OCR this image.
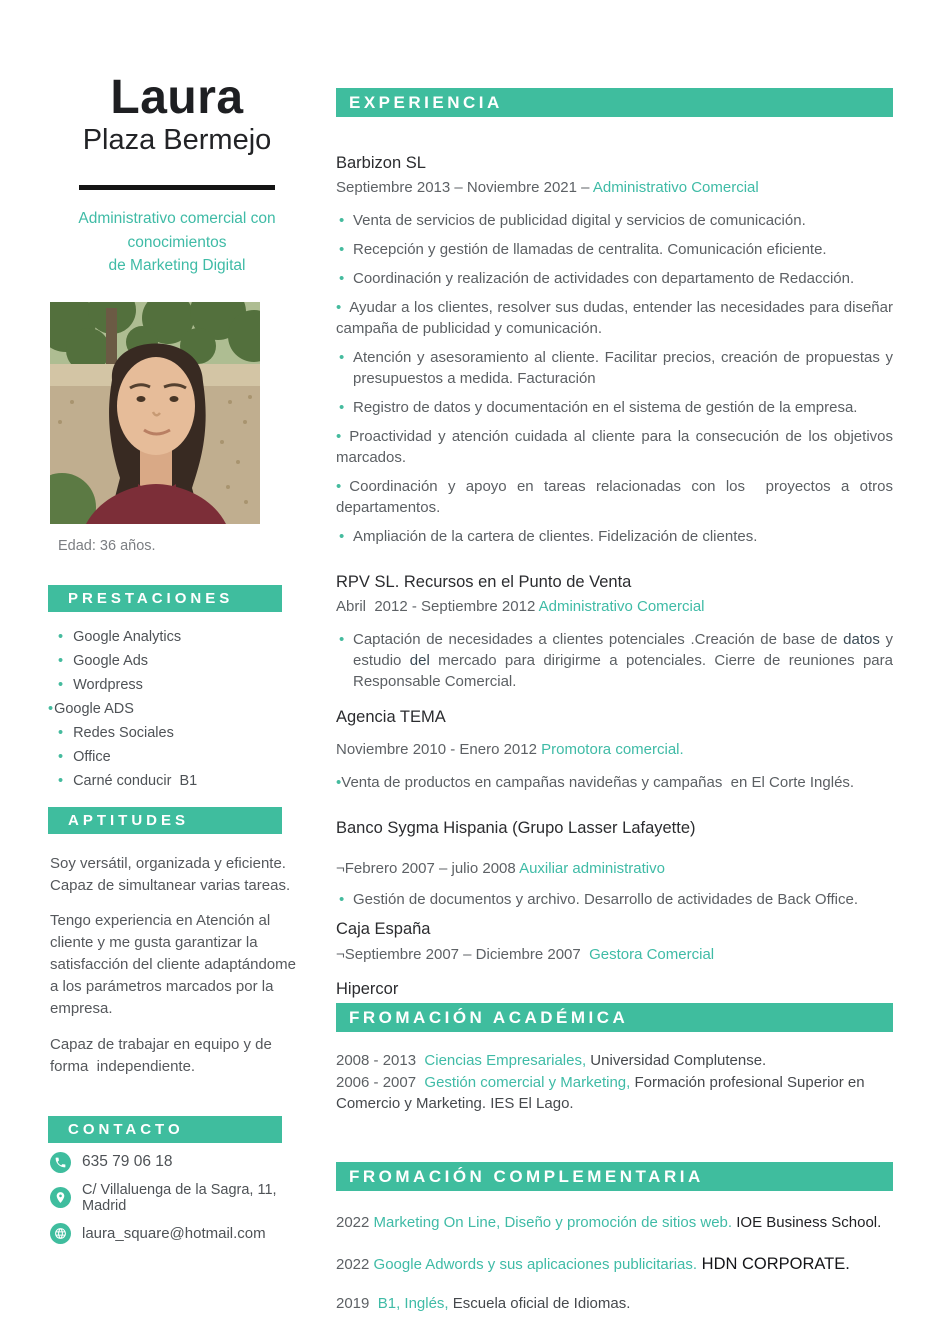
Laura
Plaza Bermejo
Administrativo comercial con
conocimientos
de Marketing Digital
Edad: 36 años.
PRESTACIONES
• Google Analytics
• Google Ads
• Wordpress
•Google ADS
• Redes Sociales
• Office
• Carné conducir  B1
APTITUDES

Soy versátil, organizada y eficiente. Capaz de simultanear varias tareas.

Tengo experiencia en Atención al cliente y me gusta garantizar la satisfacción del cliente adaptándome a los parámetros marcados por la empresa.

Capaz de trabajar en equipo y de forma  independiente.

CONTACTO
635 79 06 18
C/ Villaluenga de la Sagra, 11, Madrid
laura_square@hotmail.com
EXPERIENCIA
Barbizon SL

Septiembre 2013 – Noviembre 2021 – Administrativo Comercial

• Venta de servicios de publicidad digital y servicios de comunicación.
• Recepción y gestión de llamadas de centralita. Comunicación eficiente.
• Coordinación y realización de actividades con departamento de Redacción.
• Ayudar a los clientes, resolver sus dudas, entender las necesidades para diseñar campaña de publicidad y comunicación.
• Atención y asesoramiento al cliente. Facilitar precios, creación de propuestas y presupuestos a medida. Facturación
• Registro de datos y documentación en el sistema de gestión de la empresa.
• Proactividad y atención cuidada al cliente para la consecución de los objetivos marcados.
• Coordinación y apoyo en tareas relacionadas con los  proyectos a otros departamentos.
• Ampliación de la cartera de clientes. Fidelización de clientes.
RPV SL. Recursos en el Punto de Venta

Abril  2012 - Septiembre 2012 Administrativo Comercial

• Captación de necesidades a clientes potenciales .Creación de base de datos y estudio del mercado para dirigirme a potenciales. Cierre de reuniones para Responsable Comercial.
Agencia TEMA

Noviembre 2010 - Enero 2012 Promotora comercial.

•Venta de productos en campañas navideñas y campañas  en El Corte Inglés.
Banco Sygma Hispania (Grupo Lasser Lafayette)

¬Febrero 2007 – julio 2008 Auxiliar administrativo

• Gestión de documentos y archivo. Desarrollo de actividades de Back Office.
Caja España

¬Septiembre 2007 – Diciembre 2007  Gestora Comercial

Hipercor
FROMACIÓN ACADÉMICA

2008 - 2013  Ciencias Empresariales, Universidad Complutense.

2006 - 2007  Gestión comercial y Marketing, Formación profesional Superior en Comercio y Marketing. IES El Lago.

FROMACIÓN COMPLEMENTARIA

2022 Marketing On Line, Diseño y promoción de sitios web. IOE Business School.

2022 Google Adwords y sus aplicaciones publicitarias. HDN CORPORATE.

2019  B1, Inglés, Escuela oficial de Idiomas.
